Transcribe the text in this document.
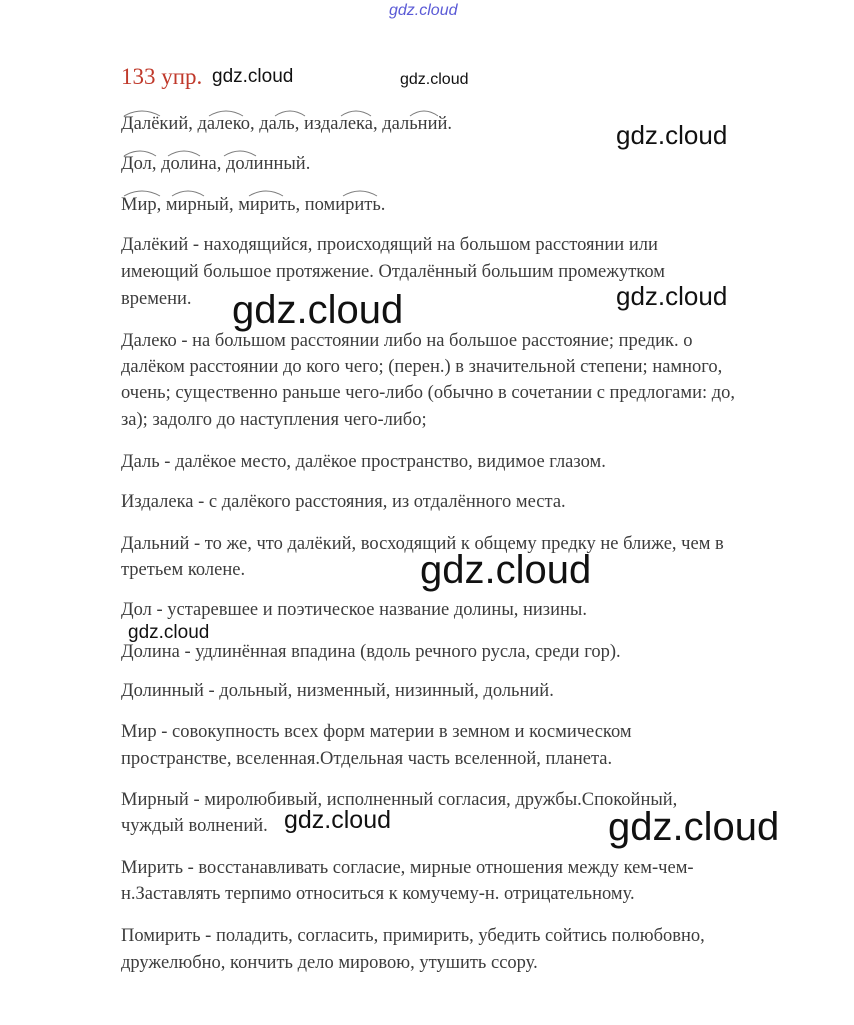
gdz.cloud
133 упр. gdz.cloud	gdz.cloud
Далёкий, далеко, даль, издалека, дальний.
Дол, долина, долинный.
Мир, мирный, мирить, помирить.
Далёкий - находящийся, происходящий на большом расстоянии или
имеющий большое протяжение. Отдалённый большим промежутком
времени.
Далеко - на большом расстоянии либо на большое расстояние; предик. о
далёком расстоянии до кого чего; (перен.) в значительной степени; намного,
очень; существенно раньше чего-либо (обычно в сочетании с предлогами: до,
за); задолго до наступления чего-либо;
Даль - далёкое место, далёкое пространство, видимое глазом.
Издалека - с далёкого расстояния, из отдалённого места.
Дальний - то же, что далёкий, восходящий к общему предку не ближе, чем в
третьем колене.
Дол - устаревшее и поэтическое название долины, низины.
Долина - удлинённая впадина (вдоль речного русла, среди гор).
Долинный - дольный, низменный, низинный, дольний.
Мир - совокупность всех форм материи в земном и космическом
пространстве, вселенная.Отдельная часть вселенной, планета.
Мирный - миролюбивый, исполненный согласия, дружбы.Спокойный,
чуждый волнений.
Мирить - восстанавливать согласие, мирные отношения между кем-чем-
н.Заставлять терпимо относиться к комучему-н. отрицательному.
Помирить - поладить, согласить, примирить, убедить сойтись полюбовно,
дружелюбно, кончить дело мировою, утушить ссору.
gdz.cloud
gdz.cloud	gdz.cloud
gdz.cloud
gdz.cloud
gdz.cloud	gdz.cloud
